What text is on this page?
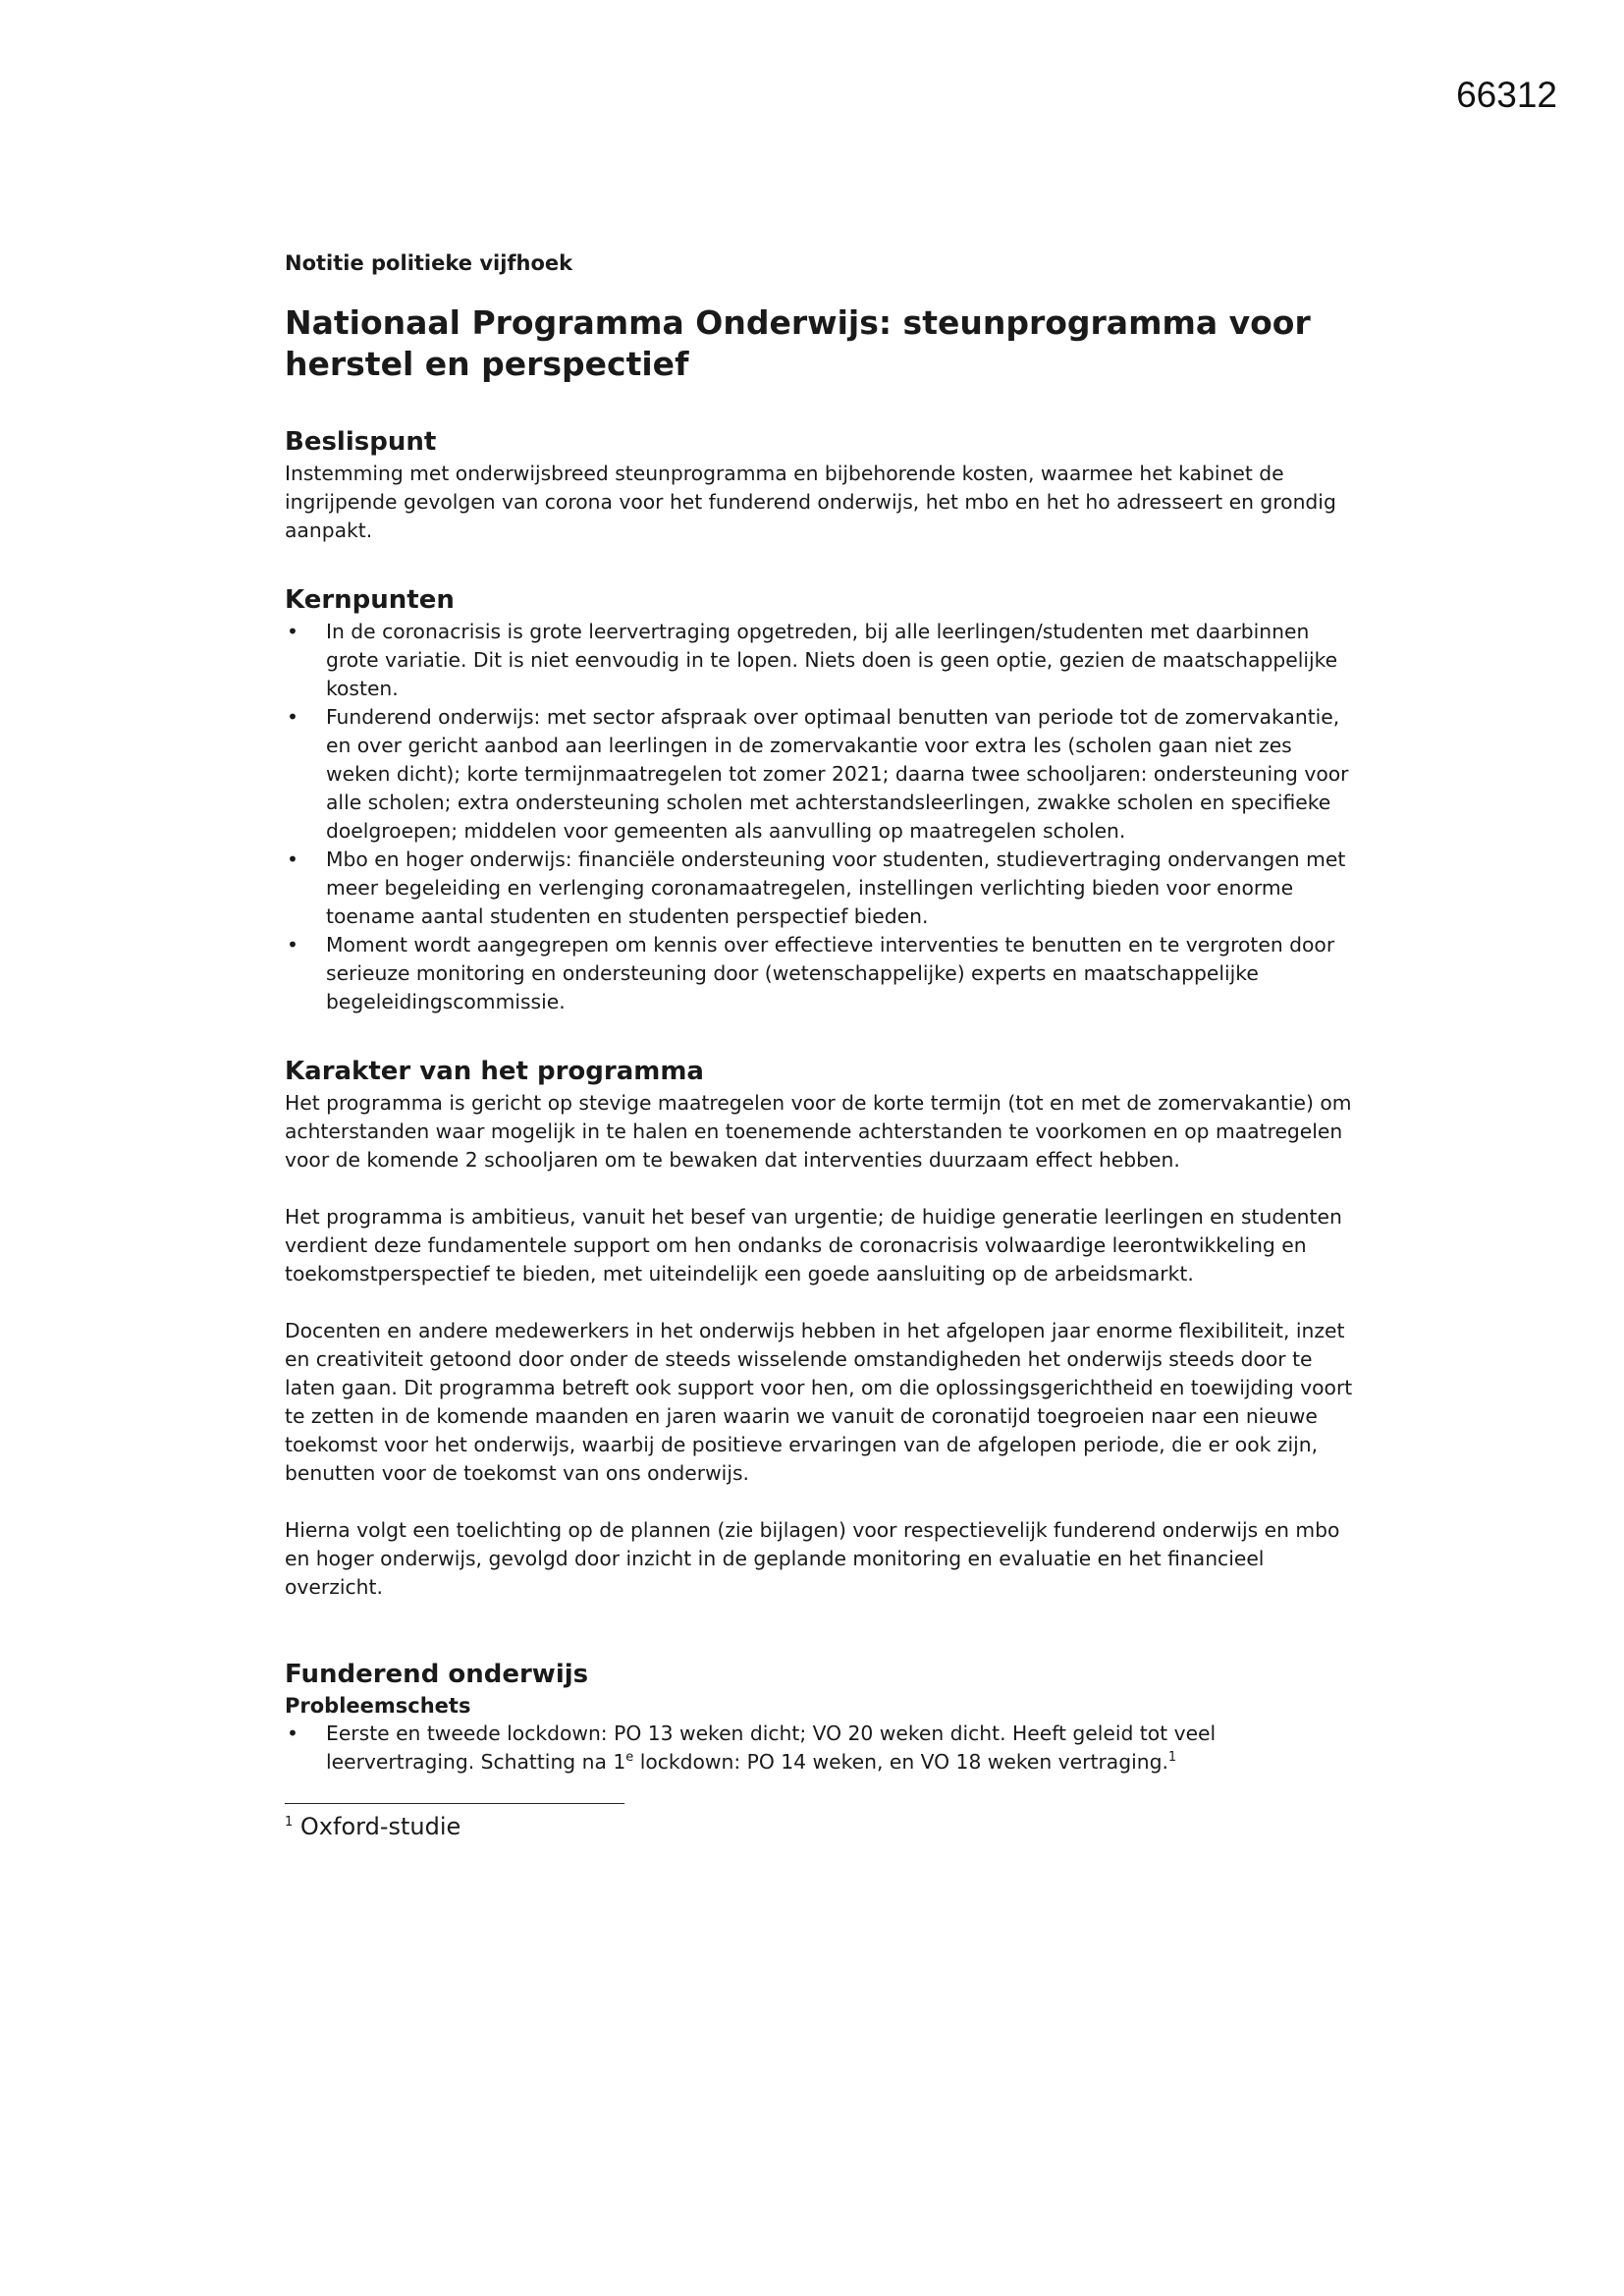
66312
Notitie politieke vijfhoek
Nationaal Programma Onderwijs: steunprogramma voor herstel en perspectief
Beslispunt

Instemming met onderwijsbreed steunprogramma en bijbehorende kosten, waarmee het kabinet de ingrijpende gevolgen van corona voor het funderend onderwijs, het mbo en het ho adresseert en grondig aanpakt.

Kernpunten
• In de coronacrisis is grote leervertraging opgetreden, bij alle leerlingen/studenten met daarbinnen grote variatie. Dit is niet eenvoudig in te lopen. Niets doen is geen optie, gezien de maatschappelijke kosten.
• Funderend onderwijs: met sector afspraak over optimaal benutten van periode tot de zomervakantie, en over gericht aanbod aan leerlingen in de zomervakantie voor extra les (scholen gaan niet zes weken dicht); korte termijnmaatregelen tot zomer 2021; daarna twee schooljaren: ondersteuning voor alle scholen; extra ondersteuning scholen met achterstandsleerlingen, zwakke scholen en specifieke doelgroepen; middelen voor gemeenten als aanvulling op maatregelen scholen.
• Mbo en hoger onderwijs: financiële ondersteuning voor studenten, studievertraging ondervangen met meer begeleiding en verlenging coronamaatregelen, instellingen verlichting bieden voor enorme toename aantal studenten en studenten perspectief bieden.
• Moment wordt aangegrepen om kennis over effectieve interventies te benutten en te vergroten door serieuze monitoring en ondersteuning door (wetenschappelijke) experts en maatschappelijke begeleidingscommissie.
Karakter van het programma

Het programma is gericht op stevige maatregelen voor de korte termijn (tot en met de zomervakantie) om achterstanden waar mogelijk in te halen en toenemende achterstanden te voorkomen en op maatregelen voor de komende 2 schooljaren om te bewaken dat interventies duurzaam effect hebben.

Het programma is ambitieus, vanuit het besef van urgentie; de huidige generatie leerlingen en studenten verdient deze fundamentele support om hen ondanks de coronacrisis volwaardige leerontwikkeling en toekomstperspectief te bieden, met uiteindelijk een goede aansluiting op de arbeidsmarkt.

Docenten en andere medewerkers in het onderwijs hebben in het afgelopen jaar enorme flexibiliteit, inzet en creativiteit getoond door onder de steeds wisselende omstandigheden het onderwijs steeds door te laten gaan. Dit programma betreft ook support voor hen, om die oplossingsgerichtheid en toewijding voort te zetten in de komende maanden en jaren waarin we vanuit de coronatijd toegroeien naar een nieuwe toekomst voor het onderwijs, waarbij de positieve ervaringen van de afgelopen periode, die er ook zijn, benutten voor de toekomst van ons onderwijs.

Hierna volgt een toelichting op de plannen (zie bijlagen) voor respectievelijk funderend onderwijs en mbo en hoger onderwijs, gevolgd door inzicht in de geplande monitoring en evaluatie en het financieel overzicht.

Funderend onderwijs
Probleemschets
• Eerste en tweede lockdown: PO 13 weken dicht; VO 20 weken dicht. Heeft geleid tot veel leervertraging. Schatting na 1e lockdown: PO 14 weken, en VO 18 weken vertraging.$^1$
$^1$ Oxford-studie
